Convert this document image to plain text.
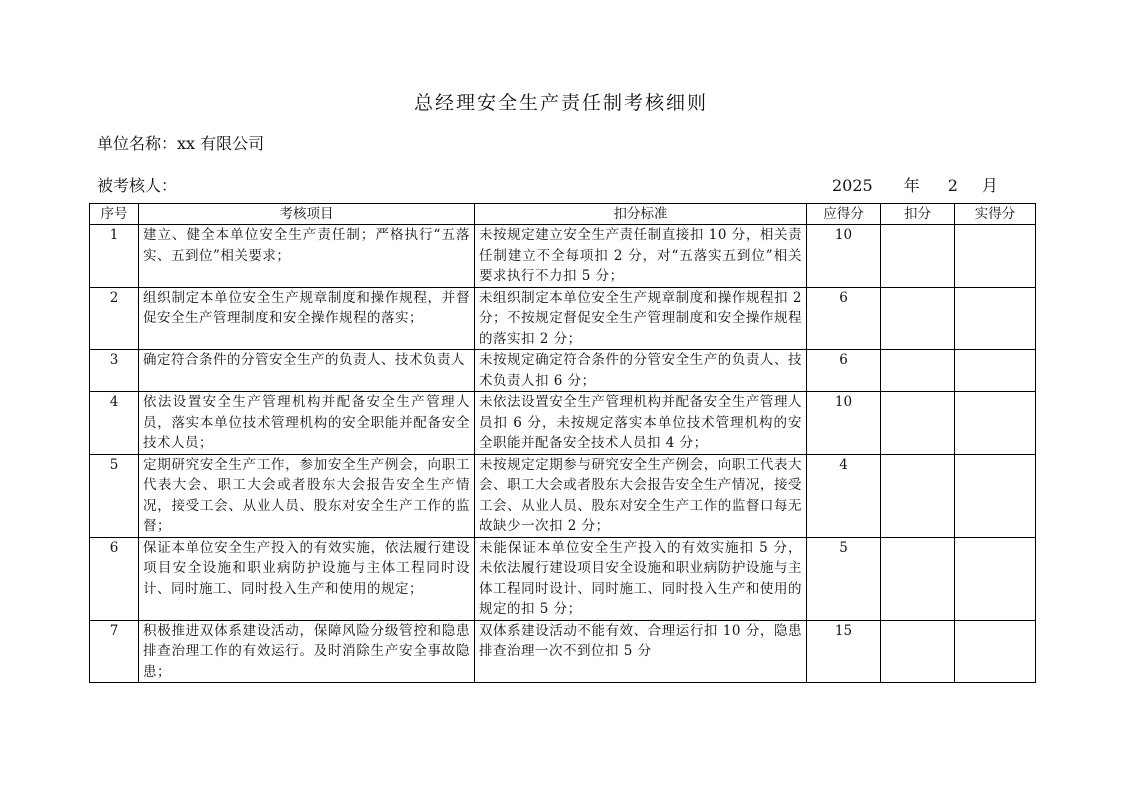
总经理安全生产责任制考核细则
单位名称：xx 有限公司
被考核人：	2025 年 2 月
序号	考核项目	扣分标准	应得分	扣分	实得分
1	建立、健全本单位安全生产责任制；严格执行“五落实、五到位”相关要求；	未按规定建立安全生产责任制直接扣 10 分，相关责任制建立不全每项扣 2 分，对“五落实五到位”相关要求执行不力扣 5 分；	10		
2	组织制定本单位安全生产规章制度和操作规程，并督促安全生产管理制度和安全操作规程的落实；	未组织制定本单位安全生产规章制度和操作规程扣 2 分；不按规定督促安全生产管理制度和安全操作规程的落实扣 2 分；	6		
3	确定符合条件的分管安全生产的负责人、技术负责人	未按规定确定符合条件的分管安全生产的负责人、技术负责人扣 6 分；	6		
4	依法设置安全生产管理机构并配备安全生产管理人员，落实本单位技术管理机构的安全职能并配备安全技术人员；	未依法设置安全生产管理机构并配备安全生产管理人员扣 6 分，未按规定落实本单位技术管理机构的安全职能并配备安全技术人员扣 4 分；	10		
5	定期研究安全生产工作，参加安全生产例会，向职工代表大会、职工大会或者股东大会报告安全生产情况，接受工会、从业人员、股东对安全生产工作的监督；	未按规定定期参与研究安全生产例会，向职工代表大会、职工大会或者股东大会报告安全生产情况，接受工会、从业人员、股东对安全生产工作的监督口每无故缺少一次扣 2 分；	4		
6	保证本单位安全生产投入的有效实施，依法履行建设项目安全设施和职业病防护设施与主体工程同时设计、同时施工、同时投入生产和使用的规定；	未能保证本单位安全生产投入的有效实施扣 5 分，未依法履行建设项目安全设施和职业病防护设施与主体工程同时设计、同时施工、同时投入生产和使用的规定的扣 5 分；	5		
7	积极推进双体系建设活动，保障风险分级管控和隐患排查治理工作的有效运行。及时消除生产安全事故隐患；	双体系建设活动不能有效、合理运行扣 10 分，隐患排查治理一次不到位扣 5 分	15		
